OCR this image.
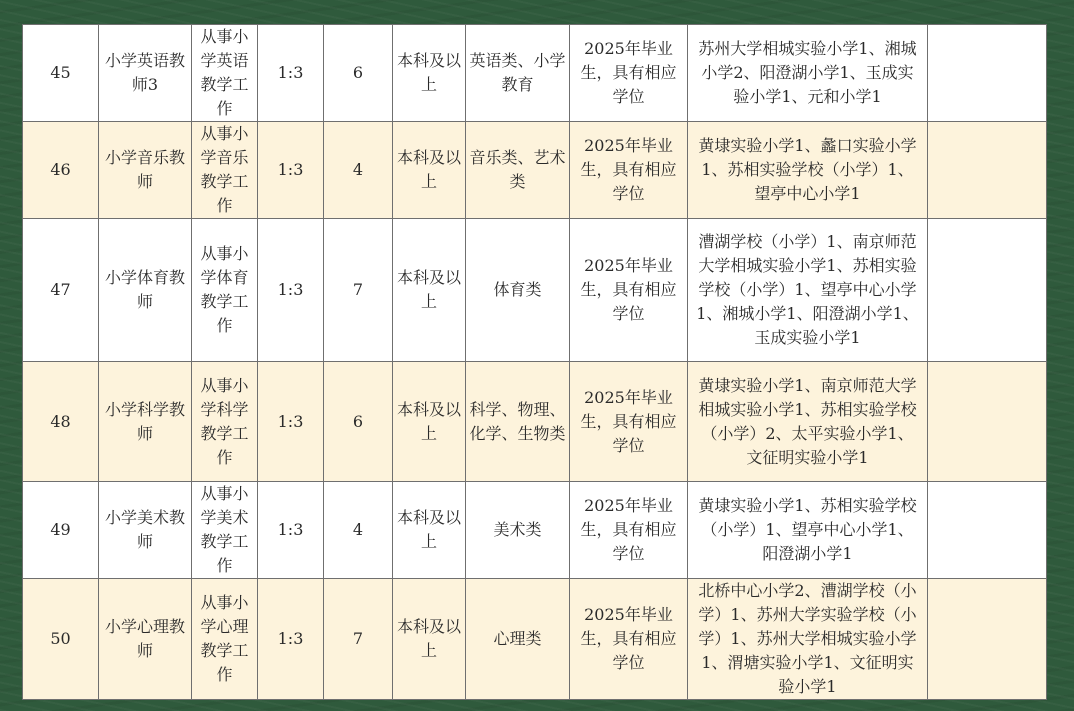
45	小学英语教师3	从事小学英语教学工作	1:3	6	本科及以上	英语类、小学教育	2025年毕业生，具有相应学位	苏州大学相城实验小学1、湘城小学2、阳澄湖小学1、玉成实验小学1、元和小学1	
46	小学音乐教师	从事小学音乐教学工作	1:3	4	本科及以上	音乐类、艺术类	2025年毕业生，具有相应学位	黄埭实验小学1、蠡口实验小学1、苏相实验学校（小学）1、望亭中心小学1	
47	小学体育教师	从事小学体育教学工作	1:3	7	本科及以上	体育类	2025年毕业生，具有相应学位	漕湖学校（小学）1、南京师范大学相城实验小学1、苏相实验学校（小学）1、望亭中心小学1、湘城小学1、阳澄湖小学1、玉成实验小学1	
48	小学科学教师	从事小学科学教学工作	1:3	6	本科及以上	科学、物理、化学、生物类	2025年毕业生，具有相应学位	黄埭实验小学1、南京师范大学相城实验小学1、苏相实验学校（小学）2、太平实验小学1、文征明实验小学1	
49	小学美术教师	从事小学美术教学工作	1:3	4	本科及以上	美术类	2025年毕业生，具有相应学位	黄埭实验小学1、苏相实验学校（小学）1、望亭中心小学1、阳澄湖小学1	
50	小学心理教师	从事小学心理教学工作	1:3	7	本科及以上	心理类	2025年毕业生，具有相应学位	北桥中心小学2、漕湖学校（小学）1、苏州大学实验学校（小学）1、苏州大学相城实验小学1、渭塘实验小学1、文征明实验小学1	
